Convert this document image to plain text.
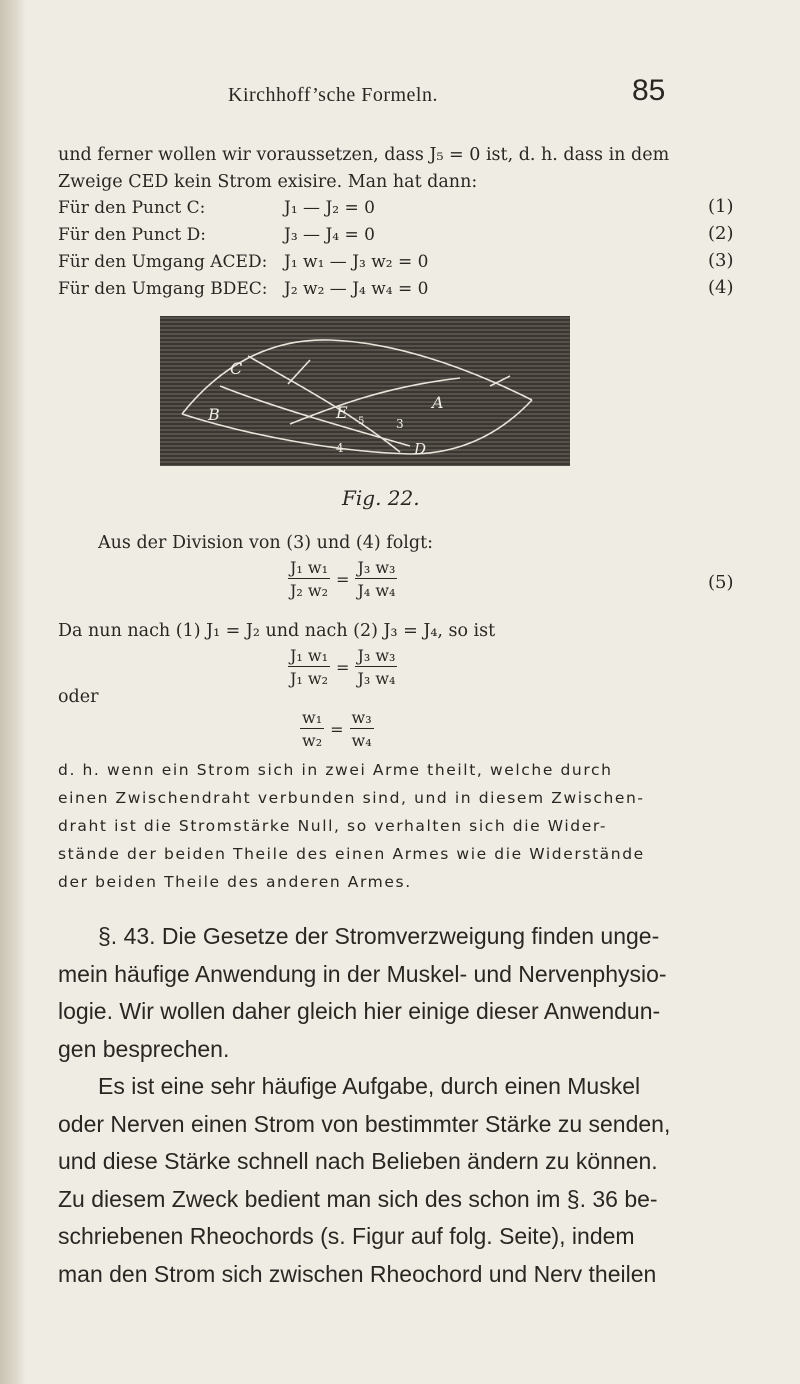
Kirchhoff’sche Formeln.	85
und ferner wollen wir voraussetzen, dass J₅ = 0 ist, d. h. dass in dem
Zweige CED kein Strom exisire. Man hat dann:
Für den Punct C:	J₁ — J₂ = 0	(1)
Für den Punct D:	J₃ — J₄ = 0	(2)
Für den Umgang ACED: J₁ w₁ — J₃ w₂ = 0	(3)
Für den Umgang BDEC: J₂ w₂ — J₄ w₄ = 0	(4)
C
B	E
A
D
3
4
5
Fig. 22.
Aus der Division von (3) und (4) folgt:
$\frac{\text{J₁ w₁}}{\text{J₂ w₂}} = \frac{\text{J₃ w₃}}{\text{J₄ w₄}}$	(5)
Da nun nach (1) J₁ = J₂ und nach (2) J₃ = J₄, so ist
$\frac{\text{J₁ w₁}}{\text{J₁ w₂}} = \frac{\text{J₃ w₃}}{\text{J₃ w₄}}$
oder
$\frac{\text{w₁}}{\text{w₂}} = \frac{\text{w₃}}{\text{w₄}}$
d. h. wenn ein Strom sich in zwei Arme theilt, welche durch
einen Zwischendraht verbunden sind, und in diesem Zwischen-
draht ist die Stromstärke Null, so verhalten sich die Wider-
stände der beiden Theile des einen Armes wie die Widerstände
der beiden Theile des anderen Armes.
§. 43. Die Gesetze der Stromverzweigung finden unge-
mein häufige Anwendung in der Muskel- und Nervenphysio-
logie. Wir wollen daher gleich hier einige dieser Anwendun-
gen besprechen.
Es ist eine sehr häufige Aufgabe, durch einen Muskel
oder Nerven einen Strom von bestimmter Stärke zu senden,
und diese Stärke schnell nach Belieben ändern zu können.
Zu diesem Zweck bedient man sich des schon im §. 36 be-
schriebenen Rheochords (s. Figur auf folg. Seite), indem
man den Strom sich zwischen Rheochord und Nerv theilen
